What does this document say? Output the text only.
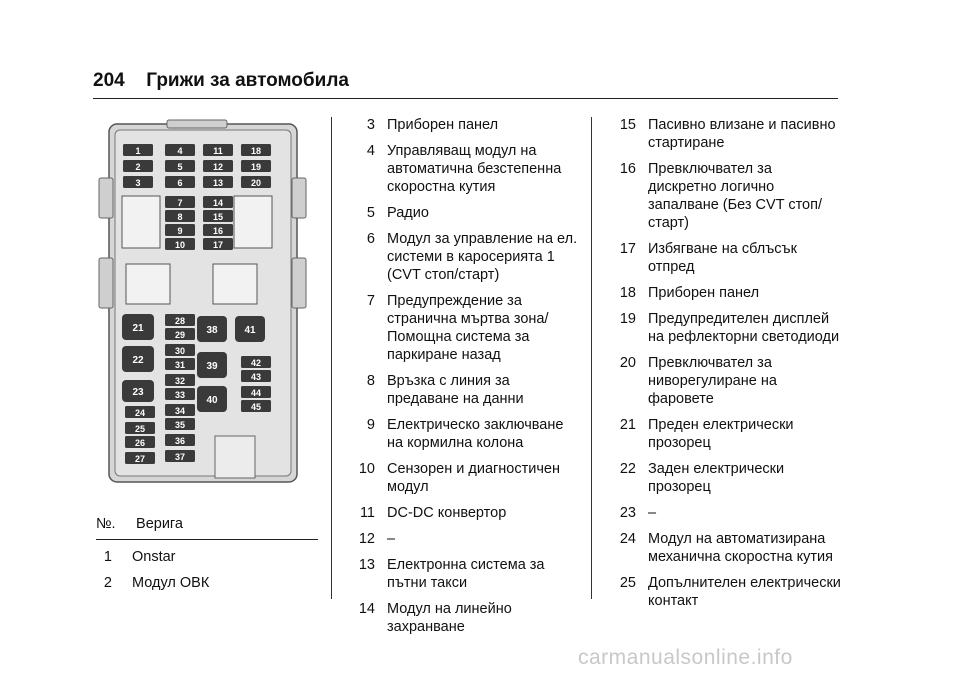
204 Грижи за автомобила
1
2
3
4
5
6
11
12
13
18
19
20
7
8
9
10
14
15
16
17
28
29
30
31
32
33
34
35
36
37
24
25
26
27
42
43
44
45
21
22
23
38	41
39
40
№. Верига
1 Onstar
2 Модул ОВК
3 Приборен панел
4 Управляващ модул на автоматична безстепенна скоростна кутия
5 Радио
6 Модул за управление на ел. системи в каросерията 1 (CVT стоп/старт)
7 Предупреждение за странична мъртва зона/ Помощна система за паркиране назад
8 Връзка с линия за предаване на данни
9 Електрическо заключване на кормилна колона
10 Сензорен и диагностичен модул
11 DC-DC конвертор
12 –
13 Електронна система за пътни такси
14 Модул на линейно захранване
15 Пасивно влизане и пасивно стартиране
16 Превключвател за дискретно логично запалване (Без CVT стоп/ старт)
17 Избягване на сблъсък отпред
18 Приборен панел
19 Предупредителен дисплей на рефлекторни светодиоди
20 Превключвател за ниворегулиране на фаровете
21 Преден електрически прозорец
22 Заден електрически прозорец
23 –
24 Модул на автоматизирана механична скоростна кутия
25 Допълнителен електрически контакт
carmanualsonline.info
